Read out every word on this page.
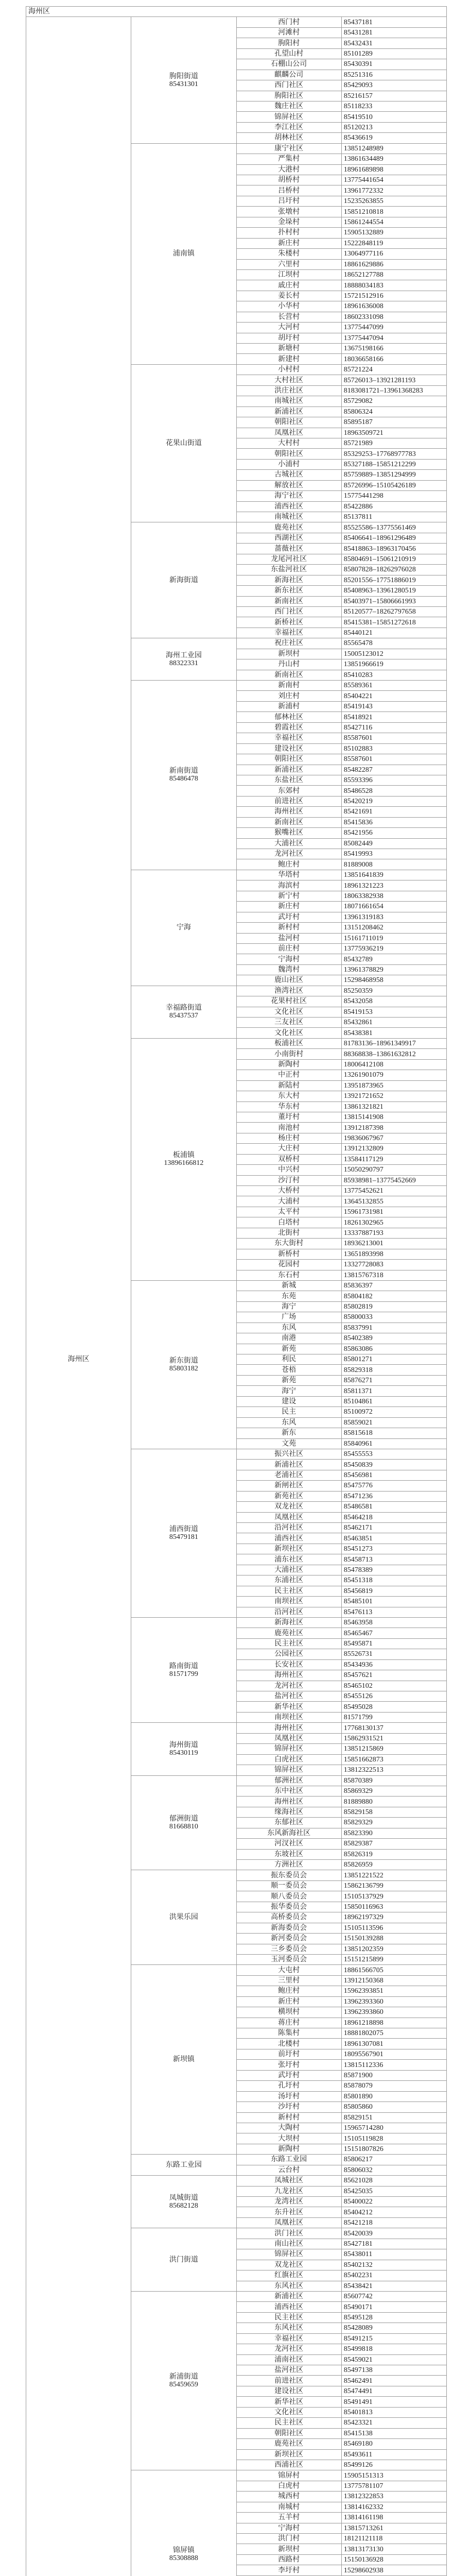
海州区			
海州区	朐阳街道
85431301	西门村	85437181
		河滩村	85431281
		朐阳村	85432431
		孔望山村	85101289
		石棚山公司	85430391
		麒麟公司	85251316
		西门社区	85429093
		朐阳社区	85216157
		魏庄社区	85118233
		锦屏社区	85419510
		李江社区	85120213
		胡林社区	85436619
	浦南镇	康宁社区	13851248989
		严集村	13861634489
		大港村	18961689898
		胡桥村	13775441654
		吕桥村	13961772332
		吕圩村	15235263855
		张墩村	15851210818
		金垛村	15861244554
		扑村村	15905132889
		新庄村	15222848119
		朱楼村	13064977116
		六里村	18861629886
		江坝村	18652127788
		戚庄村	18888034183
		姜长村	15721512916
		小华村	18961636008
		长营村	18602331098
		大河村	13775447099
		胡圩村	13775447094
		新塘村	13675198166
		新建村	18036658166
	花果山街道	小村村	85721224
		大村社区	85726013–13921281193
		洪庄社区	8183081721–13961368283
		南城社区	85729082
		新浦社区	85806324
		朝阳社区	85895187
		凤凰社区	18963509721
		大村村	85721989
		朝阳社区	85329253–17768977783
		小浦村	85327188–15851212299
		古城社区	85759889–13851294999
		解放社区	85726996–15105426189
		海宁社区	15775441298
		浦西社区	85422886
		南城社区	85137811
	新海街道	鹿苑社区	85525586–13775561469
		西湖社区	85406641–18961296489
		蔷薇社区	85418863–18963170456
		龙尾河社区	85804691–15061210919
		东盐河社区	85807828–18262976028
		新海社区	85201556–17751886019
		新东社区	85408963–13961280519
		新南社区	85403971–15806661993
		西门社区	85120577–18262797658
		新桥社区	85415381–15851272618
		幸福社区	85440121
	海州工业园
88322331	祝庄社区	85565478
		新坝村	15005123012
		丹山村	13851966619
		新南社区	85410283
	新南街道
85486478	新南村	85589361
		刘庄村	85404221
		新浦村	85419143
		郁林社区	85418921
		碧霞社区	85427116
		幸福社区	85587601
		建设社区	85102883
		朝阳社区	85587601
		新浦社区	85482287
		东盐社区	85593396
		东郊村	85486528
		前进社区	85420219
		海州社区	85421691
		新南社区	85415836
		猴嘴社区	85421956
		大浦社区	85082449
		龙河社区	85419993
		鲍庄村	81889008
	宁海	华塔村	13851641839
		海滨村	18961321223
		新宁村	18063382938
		新庄村	18071661654
		武圩村	13961319183
		新村村	13151208462
		盐河村	15161711019
		前庄村	13775936219
		宁海村	85432789
		魏湾村	13961378829
		鹿山社区	15298468958
	幸福路街道
85437537	渔湾社区	85250359
		花果村社区	85432058
		文化社区	85419153
		三友社区	85432861
		文化社区	85438381
	板浦镇
13896166812	板浦社区	81783136–18961349917
		小南街村	88368838–13861632812
		新陶村	18006412108
		中正村	13261901079
		新陆村	13951873965
		东大村	13921721652
		华东村	13861321821
		董圩村	13815141908
		南池村	13912187398
		杨庄村	19836067967
		大庄村	13912132809
		双桥村	13584117129
		中兴村	15050290797
		沙汀村	85938981–13775452669
		大桥村	13775452621
		大浦村	13645132855
		太平村	15961731981
		白塔村	18261302965
		北街村	13337887193
		东大街村	18936213001
		新桥村	13651893998
		花园村	13327728083
		东石村	13815767318
	新东街道
85803182	新城	85836397
		东苑	85804182
		海宁	85802819
		广场	85800033
		东风	85837991
		南港	85402389
		新苑	85863086
		利民	85801271
		苍梧	85829318
		新苑	85876271
		海宁	85811371
		建设	85104861
		民主	85100972
		东风	85859021
		新东	85815618
		文苑	85840961
	浦西街道
85479181	振兴社区	85455553
		新浦社区	85450839
		老浦社区	85456981
		新闸社区	85475776
		新苑社区	85471236
		双龙社区	85486581
		凤凰社区	85464218
		沿河社区	85462171
		浦西社区	85463851
		新坝社区	85451273
		浦东社区	85458713
		大浦社区	85478389
		东浦社区	85451318
		民主社区	85456819
		南坝社区	85485101
		沿河社区	85476113
	路南街道
81571799	新海社区	85463958
		鹿苑社区	85465467
		民主社区	85495871
		公园社区	85526731
		长安社区	85434936
		海州社区	85457621
		龙河社区	85465102
		盐河社区	85455126
		新华社区	85495028
		南坝社区	81571799
	海州街道
85430119	海州社区	17768130137
		凤凰社区	15862931521
		锦屏社区	13851215869
		白虎社区	15851662873
		锦屏社区	13812322513
	郁洲街道
81668810	郁洲社区	85870389
		东中社区	85869329
		海州社区	81889880
		缘海社区	85829158
		东郁社区	85829329
		东风新海社区	85823390
		河汊社区	85829387
		东坡社区	85826319
		方洲社区	85826959
	洪果乐园	振东委员会	13851221522
		顺一委员会	15862136799
		顺八委员会	15105137929
		振华委员会	15850116963
		高桥委员会	18962197329
		新海委员会	15105113596
		新河委员会	15150139288
		三乡委员会	13851202359
		玉河委员会	15151215899
	新坝镇	大屯村	18861566705
		三里村	13912150368
		鲍庄村	15962393851
		新庄村	13962393360
		横坝村	13962393860
		蒋庄村	18961218898
		陈集村	18881802075
		北楼村	18961307081
		前圩村	18095567901
		张圩村	13815112336
		武圩村	85871900
		孔圩村	85878079
		汤圩村	85801890
		沙圩村	85805860
		新村村	85829151
		大陶村	15965714280
		大坝村	15105119828
		新陶村	15151807826
	东路工业园	东路工业园	85806217
		云台村	85806032
	凤城街道
85682128	凤城社区	85621028
		九龙社区	85425035
		龙湾社区	85400022
		东升社区	85404212
		凤凰社区	85421218
	洪门街道	洪门社区	85420039
		南山社区	85427181
		锦屏社区	85438011
		双龙社区	85402132
		红旗社区	85402231
		东风社区	85438421
	新浦街道
85459659	新浦社区	85607742
		浦西社区	85490171
		民主社区	85495128
		东风社区	85428089
		幸福社区	85491215
		龙河社区	85499818
		浦南社区	85459021
		盐河社区	85497138
		前进社区	85462491
		建设社区	85474491
		新华社区	85491491
		文化社区	85401813
		民主社区	85423321
		朝阳社区	85415138
		鹿苑社区	85469180
		新坝社区	85493611
		西浦社区	85499126
	锦屏镇
85308888	锦屏村	15905151313
		白虎村	13775781107
		城西村	13812322853
		南城村	13814162332
		五羊村	13814161198
		宁海村	13815713261
		洪门村	18121121118
		新坝村	13813173130
		西路村	15150136928
		李圩村	15298602938
